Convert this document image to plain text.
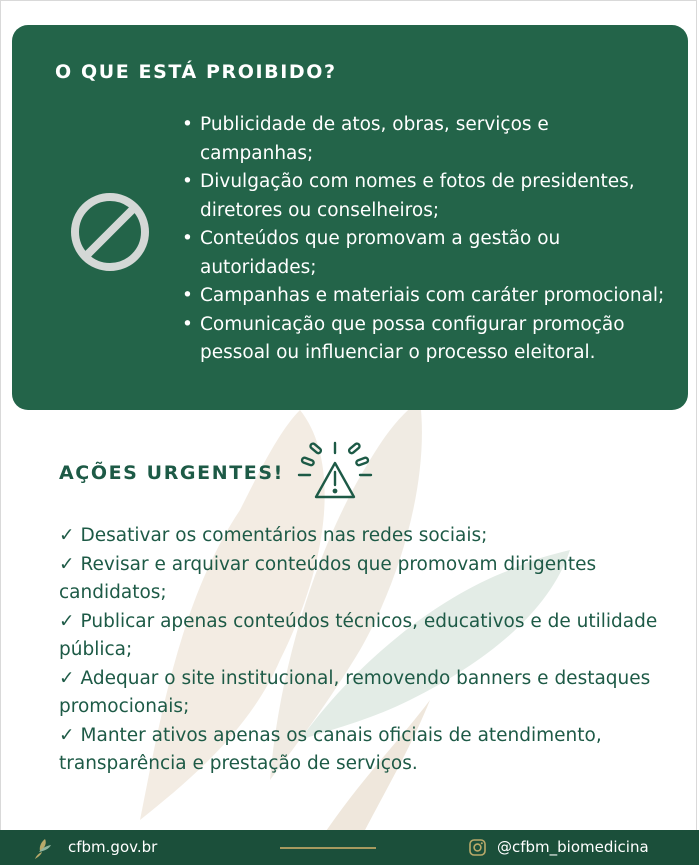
O QUE ESTÁ PROIBIDO?
• Publicidade de atos, obras, serviços e
campanhas;
• Divulgação com nomes e fotos de presidentes,
diretores ou conselheiros;
• Conteúdos que promovam a gestão ou
autoridades;
• Campanhas e materiais com caráter promocional;
• Comunicação que possa configurar promoção
pessoal ou influenciar o processo eleitoral.
AÇÕES URGENTES!
✓ Desativar os comentários nas redes sociais;
✓ Revisar e arquivar conteúdos que promovam dirigentes
candidatos;
✓ Publicar apenas conteúdos técnicos, educativos e de utilidade
pública;
✓ Adequar o site institucional, removendo banners e destaques
promocionais;
✓ Manter ativos apenas os canais oficiais de atendimento,
transparência e prestação de serviços.
cfbm.gov.br	@cfbm_biomedicina
